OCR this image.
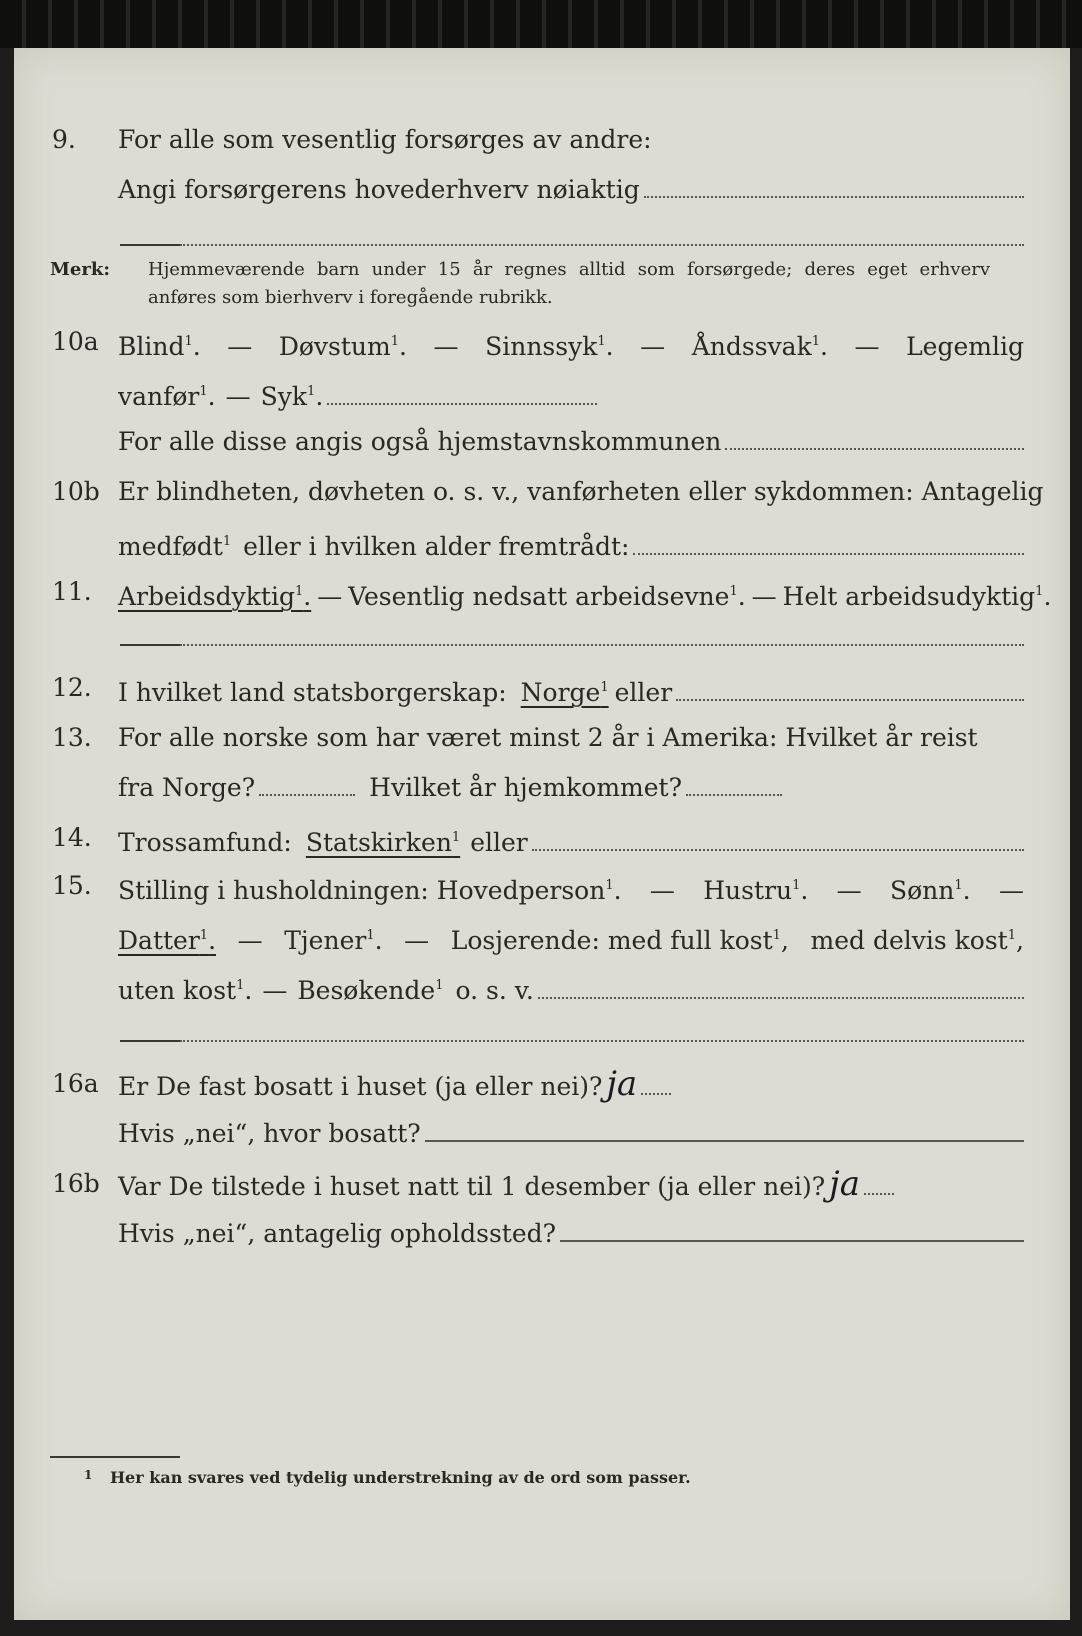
9.	For alle som vesentlig forsørges av andre:
Angi forsørgerens hovederhverv nøiaktig
Merk: Hjemmeværende barn under 15 år regnes alltid som forsørgede; deres eget erhverv anføres som bierhverv i foregående rubrikk.
10a Blind$^1$. — Døvstum$^1$. — Sinnssyk$^1$. — Åndssvak$^1$. — Legemlig
vanfør$^1$. — Syk$^1$.
For alle disse angis også hjemstavnskommunen
10b Er blindheten, døvheten o. s. v., vanførheten eller sykdommen: Antagelig
medfødt$^1$ eller i hvilken alder fremtrådt:
11.	Arbeidsdyktig$^1$. — Vesentlig nedsatt arbeidsevne$^1$. — Helt arbeidsudyktig$^1$.
12.	I hvilket land statsborgerskap: Norge$^1$ eller
13.	For alle norske som har været minst 2 år i Amerika: Hvilket år reist
fra Norge?	Hvilket år hjemkommet?
14.	Trossamfund: Statskirken$^1$ eller
15.	Stilling i husholdningen: Hovedperson$^1$. — Hustru$^1$. — Sønn$^1$. —
Datter$^1$. — Tjener$^1$. — Losjerende: med full kost$^1$, med delvis kost$^1$,
uten kost$^1$. — Besøkende$^1$ o. s. v.
16a Er De fast bosatt i huset (ja eller nei)? ja
Hvis „nei“, hvor bosatt?
16b Var De tilstede i huset natt til 1 desember (ja eller nei)? ja
Hvis „nei“, antagelig opholdssted?
$^1$ Her kan svares ved tydelig understrekning av de ord som passer.
